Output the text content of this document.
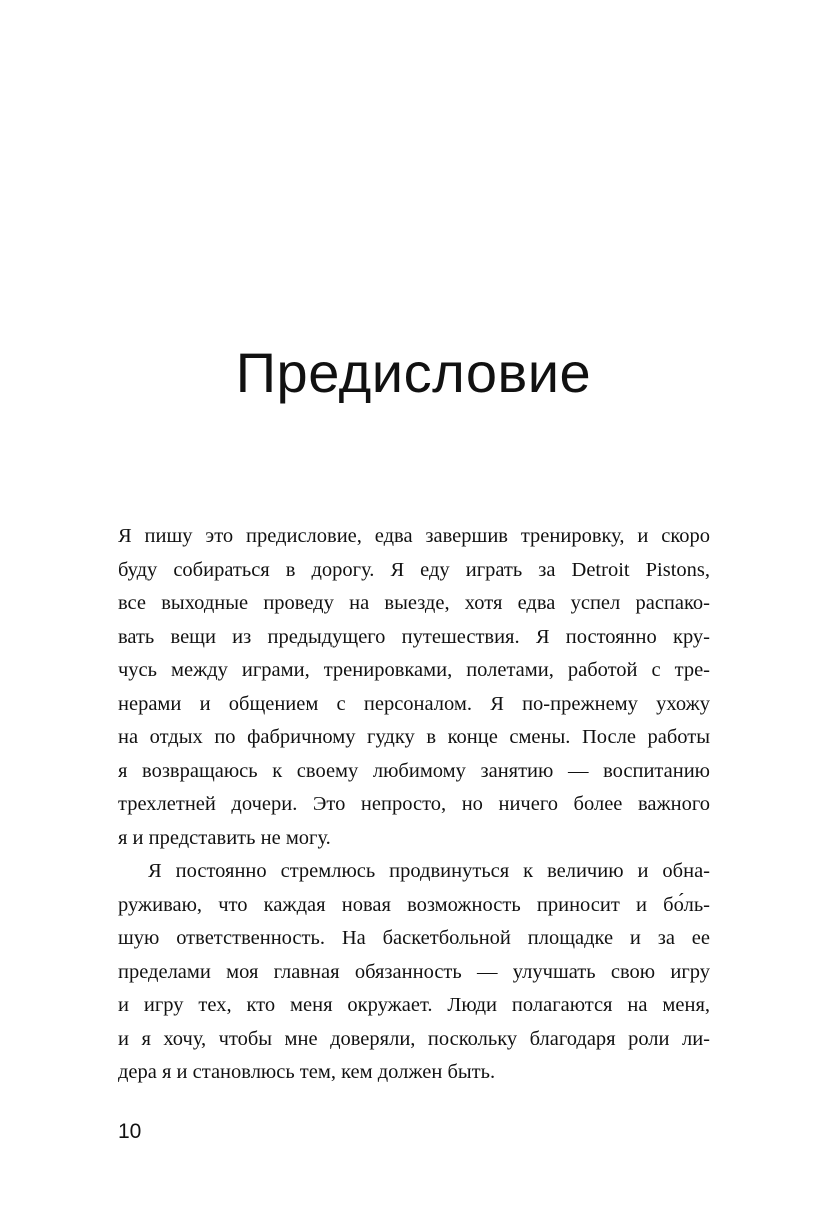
Предисловие

Я пишу это предисловие, едва завершив тренировку, и скоро
буду собираться в дорогу. Я еду играть за Detroit Pistons,
все выходные проведу на выезде, хотя едва успел распако-
вать вещи из предыдущего путешествия. Я постоянно кру-
чусь между играми, тренировками, полетами, работой с тре-
нерами и общением с персоналом. Я по-прежнему ухожу
на отдых по фабричному гудку в конце смены. После работы
я возвращаюсь к своему любимому занятию — воспитанию
трехлетней дочери. Это непросто, но ничего более важного
я и представить не могу.

Я постоянно стремлюсь продвинуться к величию и обна-
руживаю, что каждая новая возможность приносит и бо́ль-
шую ответственность. На баскетбольной площадке и за ее
пределами моя главная обязанность — улучшать свою игру
и игру тех, кто меня окружает. Люди полагаются на меня,
и я хочу, чтобы мне доверяли, поскольку благодаря роли ли-
дера я и становлюсь тем, кем должен быть.

10
